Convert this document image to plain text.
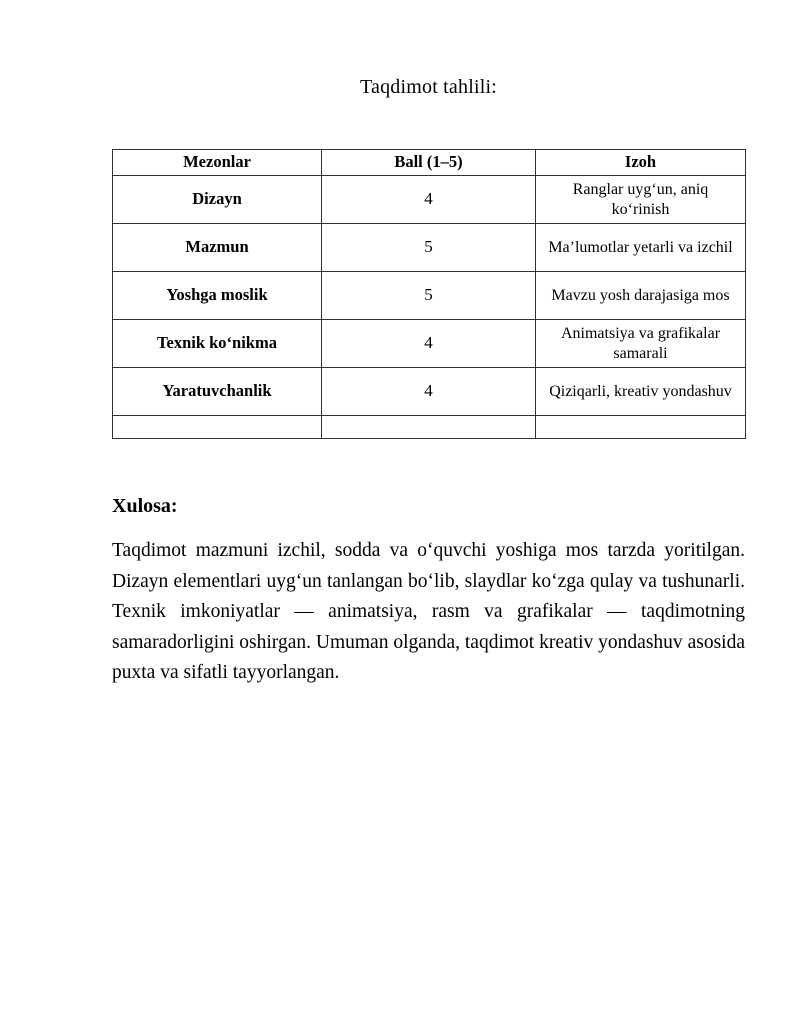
Taqdimot tahlili:
Mezonlar	Ball (1–5)	Izoh
Dizayn	4	Ranglar uyg‘un, aniq ko‘rinish
Mazmun	5	Ma’lumotlar yetarli va izchil
Yoshga moslik	5	Mavzu yosh darajasiga mos
Texnik ko‘nikma	4	Animatsiya va grafikalar samarali
Yaratuvchanlik	4	Qiziqarli, kreativ yondashuv

Xulosa:

Taqdimot mazmuni izchil, sodda va o‘quvchi yoshiga mos tarzda yoritilgan. Dizayn elementlari uyg‘un tanlangan bo‘lib, slaydlar ko‘zga qulay va tushunarli. Texnik imkoniyatlar — animatsiya, rasm va grafikalar — taqdimotning samaradorligini oshirgan. Umuman olganda, taqdimot kreativ yondashuv asosida puxta va sifatli tayyorlangan.
